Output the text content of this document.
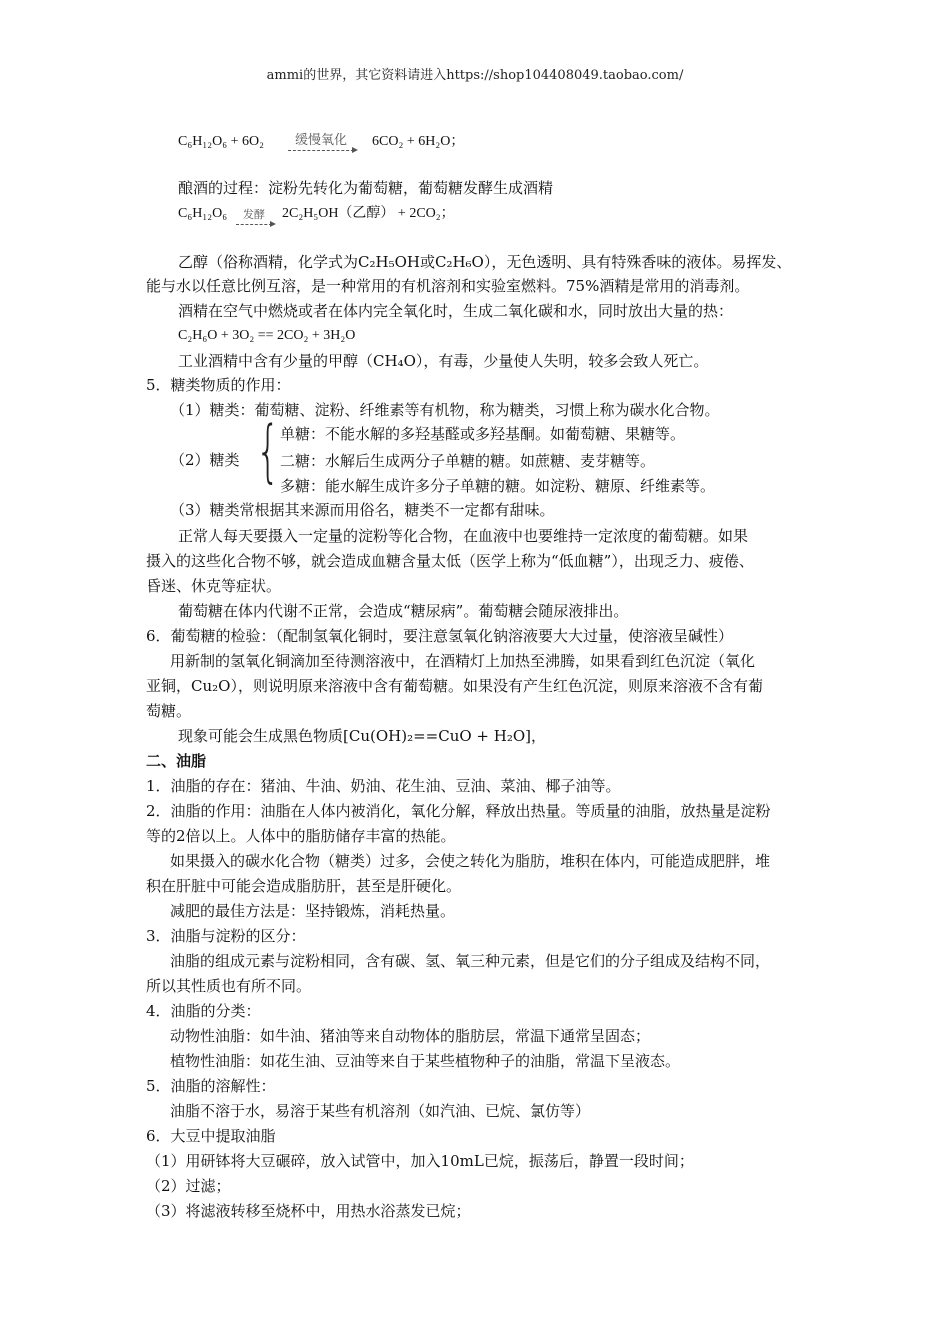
ammi的世界，其它资料请进入https://shop104408049.taobao.com/
C₆H₁₂O₆ + 6O₂	缓慢氧化	6CO₂ + 6H₂O；
酿酒的过程：淀粉先转化为葡萄糖，葡萄糖发酵生成酒精
C₆H₁₂O₆	发酵	2C₂H₅OH（乙醇） + 2CO₂；
乙醇（俗称酒精，化学式为C₂H₅OH或C₂H₆O），无色透明、具有特殊香味的液体。易挥发、
能与水以任意比例互溶，是一种常用的有机溶剂和实验室燃料。75%酒精是常用的消毒剂。
酒精在空气中燃烧或者在体内完全氧化时，生成二氧化碳和水，同时放出大量的热：
C₂H₆O + 3O₂ == 2CO₂ + 3H₂O
工业酒精中含有少量的甲醇（CH₄O），有毒，少量使人失明，较多会致人死亡。
5．糖类物质的作用：
（1）糖类：葡萄糖、淀粉、纤维素等有机物，称为糖类，习惯上称为碳水化合物。
（2）糖类 { 单糖：不能水解的多羟基醛或多羟基酮。如葡萄糖、果糖等。
二糖：水解后生成两分子单糖的糖。如蔗糖、麦芽糖等。
多糖：能水解生成许多分子单糖的糖。如淀粉、糖原、纤维素等。
（3）糖类常根据其来源而用俗名，糖类不一定都有甜味。
正常人每天要摄入一定量的淀粉等化合物，在血液中也要维持一定浓度的葡萄糖。如果
摄入的这些化合物不够，就会造成血糖含量太低（医学上称为“低血糖”），出现乏力、疲倦、
昏迷、休克等症状。
葡萄糖在体内代谢不正常，会造成“糖尿病”。葡萄糖会随尿液排出。
6．葡萄糖的检验：（配制氢氧化铜时，要注意氢氧化钠溶液要大大过量，使溶液呈碱性）
用新制的氢氧化铜滴加至待测溶液中，在酒精灯上加热至沸腾，如果看到红色沉淀（氧化
亚铜，Cu₂O），则说明原来溶液中含有葡萄糖。如果没有产生红色沉淀，则原来溶液不含有葡
萄糖。
现象可能会生成黑色物质[Cu(OH)₂==CuO + H₂O]，
二、油脂
1．油脂的存在：猪油、牛油、奶油、花生油、豆油、菜油、椰子油等。
2．油脂的作用：油脂在人体内被消化，氧化分解，释放出热量。等质量的油脂，放热量是淀粉
等的2倍以上。人体中的脂肪储存丰富的热能。
如果摄入的碳水化合物（糖类）过多，会使之转化为脂肪，堆积在体内，可能造成肥胖，堆
积在肝脏中可能会造成脂肪肝，甚至是肝硬化。
减肥的最佳方法是：坚持锻炼，消耗热量。
3．油脂与淀粉的区分：
油脂的组成元素与淀粉相同，含有碳、氢、氧三种元素，但是它们的分子组成及结构不同，
所以其性质也有所不同。
4．油脂的分类：
动物性油脂：如牛油、猪油等来自动物体的脂肪层，常温下通常呈固态；
植物性油脂：如花生油、豆油等来自于某些植物种子的油脂，常温下呈液态。
5．油脂的溶解性：
油脂不溶于水，易溶于某些有机溶剂（如汽油、已烷、氯仿等）
6．大豆中提取油脂
（1）用研钵将大豆碾碎，放入试管中，加入10mL已烷，振荡后，静置一段时间；
（2）过滤；
（3）将滤液转移至烧杯中，用热水浴蒸发已烷；
